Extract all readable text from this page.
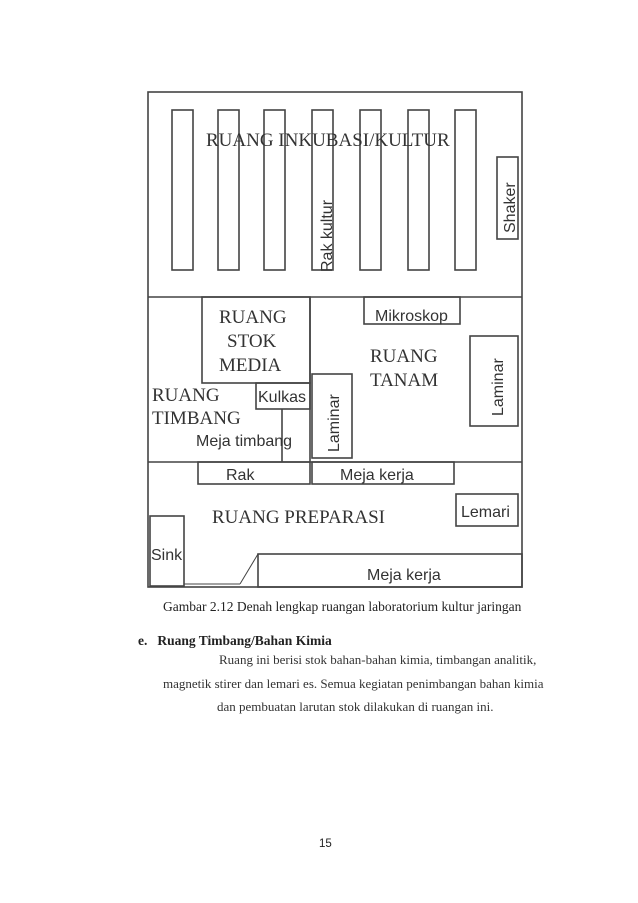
RUANG INKUBASI/KULTUR
RUANG
STOK
MEDIA	RUANG
TANAM
RUANG
TIMBANG
RUANG PREPARASI
Mikroskop
Kulkas
Meja timbang
Rak	Meja kerja
Lemari
Sink
Meja kerja
Rak kultur	Shaker
Laminar
Laminar
Gambar 2.12 Denah lengkap ruangan laboratorium kultur jaringan
e. Ruang Timbang/Bahan Kimia
Ruang ini berisi stok bahan-bahan kimia, timbangan analitik,
magnetik stirer dan lemari es. Semua kegiatan penimbangan bahan kimia
dan pembuatan larutan stok dilakukan di ruangan ini.
15
